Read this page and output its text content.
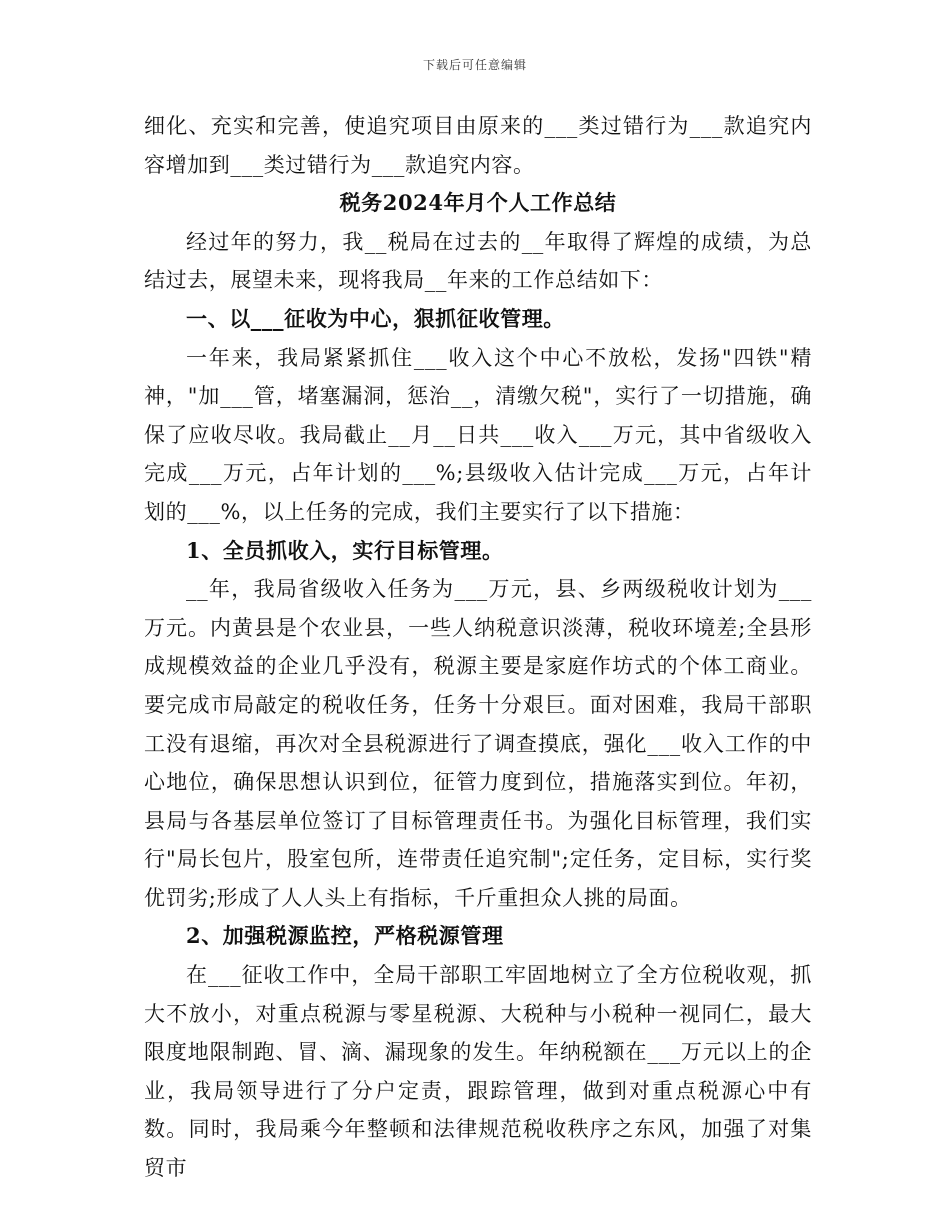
下载后可任意编辑

细化、充实和完善，使追究项目由原来的___类过错行为___款追究内容增加到___类过错行为___款追究内容。

税务2024年月个人工作总结

经过年的努力，我__税局在过去的__年取得了辉煌的成绩，为总结过去，展望未来，现将我局__年来的工作总结如下：

一、以___征收为中心，狠抓征收管理。

一年来，我局紧紧抓住___收入这个中心不放松，发扬"四铁"精神，"加___管，堵塞漏洞，惩治__，清缴欠税"，实行了一切措施，确保了应收尽收。我局截止__月__日共___收入___万元，其中省级收入完成___万元，占年计划的___%;县级收入估计完成___万元，占年计划的___%，以上任务的完成，我们主要实行了以下措施：

1、全员抓收入，实行目标管理。

__年，我局省级收入任务为___万元，县、乡两级税收计划为___万元。内黄县是个农业县，一些人纳税意识淡薄，税收环境差;全县形成规模效益的企业几乎没有，税源主要是家庭作坊式的个体工商业。要完成市局敲定的税收任务，任务十分艰巨。面对困难，我局干部职工没有退缩，再次对全县税源进行了调查摸底，强化___收入工作的中心地位，确保思想认识到位，征管力度到位，措施落实到位。年初，县局与各基层单位签订了目标管理责任书。为强化目标管理，我们实行"局长包片，股室包所，连带责任追究制";定任务，定目标，实行奖优罚劣;形成了人人头上有指标，千斤重担众人挑的局面。

2、加强税源监控，严格税源管理

在___征收工作中，全局干部职工牢固地树立了全方位税收观，抓大不放小，对重点税源与零星税源、大税种与小税种一视同仁，最大限度地限制跑、冒、滴、漏现象的发生。年纳税额在___万元以上的企业，我局领导进行了分户定责，跟踪管理，做到对重点税源心中有数。同时，我局乘今年整顿和法律规范税收秩序之东风，加强了对集贸市
